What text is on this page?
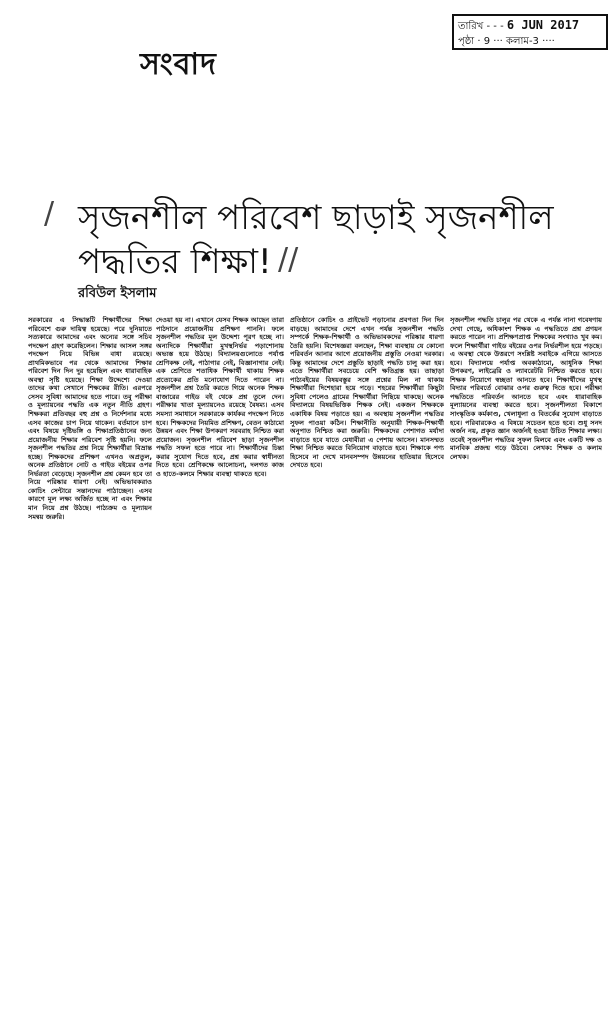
সংবাদ
তারিখ - - - 6 JUN 2017
পৃষ্ঠা · 9 ··· কলাম-3 ····
/ সৃজনশীল পরিবেশ ছাড়াই সৃজনশীল
পদ্ধতির শিক্ষা! //
রবিউল ইসলাম
সরকারের এ সিদ্ধান্তটি শিক্ষার্থীদের শিক্ষা পরিবেশে গুরু দায়িত্ব হয়েছে। পরে দুনিয়াতে সত্যকারে আমাদের এবং অন্যের সঙ্গে সচিব পদক্ষেপ গ্রহণ করেছিলেন। শিক্ষার আসল সঙ্গর পদক্ষেপ নিয়ে বিভিন্ন বাধা রয়েছে। প্রাথমিকভাবে পর থেকে আমাদের শিক্ষার পরিবেশ দিন দিন দুর হয়েছিল এবং ধারাবাহিক অবস্থা সৃষ্টি হয়েছে। শিক্ষা উদ্দেশ্যে দেওয়া তাদের কথা সেখানে শিক্ষকের রীতি। এরপরে সেসব সুবিধা আমাদের হতে পারে। তবু পরীক্ষা ও মূল্যায়নের পদ্ধতি এক নতুন নীতি গ্রহণ। শিক্ষকরা প্রতিবছর বহু প্রশ্ন ও নির্দেশনার মধ্যে এসব কাজের চাপ নিয়ে থাকেন। বর্তমানে চাপ এবং বিষয়ে দৃষ্টিভঙ্গি ও শিক্ষাপ্রতিষ্ঠানের জন্য প্রয়োজনীয় শিক্ষার পরিবেশ সৃষ্টি হয়নি। ফলে সৃজনশীল পদ্ধতির প্রশ্ন নিয়ে শিক্ষার্থীরা বিভ্রান্ত হচ্ছে। শিক্ষকদের প্রশিক্ষণ এখনও অপ্রতুল, অনেক প্রতিষ্ঠানে নোট ও গাইড বইয়ের ওপর নির্ভরতা বেড়েছে। সৃজনশীল প্রশ্ন কেমন হবে তা নিয়ে পরিষ্কার ধারণা নেই। অভিভাবকরাও কোচিং সেন্টারে সন্তানদের পাঠাচ্ছেন। এসব কারণে মূল লক্ষ্য অর্জিত হচ্ছে না এবং শিক্ষার মান নিয়ে প্রশ্ন উঠছে। পাঠ্যক্রম ও মূল্যায়ন সমন্বয় জরুরি।
দেওয়া হয় না। এখানে যেসব শিক্ষক আছেন তারা পাঠদানে প্রয়োজনীয় প্রশিক্ষণ পাননি। ফলে সৃজনশীল পদ্ধতির মূল উদ্দেশ্য পূরণ হচ্ছে না। অন্যদিকে শিক্ষার্থীরা মুখস্থনির্ভর পড়াশোনায় অভ্যস্ত হয়ে উঠছে। বিদ্যালয়গুলোতে পর্যাপ্ত শ্রেণিকক্ষ নেই, পাঠাগার নেই, বিজ্ঞানাগার নেই। এক শ্রেণিতে শতাধিক শিক্ষার্থী থাকায় শিক্ষক প্রত্যেকের প্রতি মনোযোগ দিতে পারেন না। সৃজনশীল প্রশ্ন তৈরি করতে গিয়ে অনেক শিক্ষক বাজারের গাইড বই থেকে প্রশ্ন তুলে দেন। পরীক্ষার খাতা মূল্যায়নেও রয়েছে বৈষম্য। এসব সমস্যা সমাধানে সরকারকে কার্যকর পদক্ষেপ নিতে হবে। শিক্ষকদের নিয়মিত প্রশিক্ষণ, বেতন কাঠামো উন্নয়ন এবং শিক্ষা উপকরণ সরবরাহ নিশ্চিত করা প্রয়োজন। সৃজনশীল পরিবেশ ছাড়া সৃজনশীল পদ্ধতি সফল হতে পারে না। শিক্ষার্থীদের চিন্তা করার সুযোগ দিতে হবে, প্রশ্ন করার স্বাধীনতা দিতে হবে। শ্রেণিকক্ষে আলোচনা, দলগত কাজ ও হাতে-কলমে শিক্ষার ব্যবস্থা থাকতে হবে।
প্রতিষ্ঠানে কোচিং ও প্রাইভেট পড়ানোর প্রবণতা দিন দিন বাড়ছে। আমাদের দেশে এখন পর্যন্ত সৃজনশীল পদ্ধতি সম্পর্কে শিক্ষক-শিক্ষার্থী ও অভিভাবকদের পরিষ্কার ধারণা তৈরি হয়নি। বিশেষজ্ঞরা বলছেন, শিক্ষা ব্যবস্থায় যে কোনো পরিবর্তন আনার আগে প্রয়োজনীয় প্রস্তুতি নেওয়া দরকার। কিন্তু আমাদের দেশে প্রস্তুতি ছাড়াই পদ্ধতি চালু করা হয়। এতে শিক্ষার্থীরা সবচেয়ে বেশি ক্ষতিগ্রস্ত হয়। তাছাড়া পাঠ্যবইয়ের বিষয়বস্তুর সঙ্গে প্রশ্নের মিল না থাকায় শিক্ষার্থীরা দিশেহারা হয়ে পড়ে। শহরের শিক্ষার্থীরা কিছুটা সুবিধা পেলেও গ্রামের শিক্ষার্থীরা পিছিয়ে থাকছে। অনেক বিদ্যালয়ে বিষয়ভিত্তিক শিক্ষক নেই। একজন শিক্ষককে একাধিক বিষয় পড়াতে হয়। এ অবস্থায় সৃজনশীল পদ্ধতির সুফল পাওয়া কঠিন। শিক্ষানীতি অনুযায়ী শিক্ষক-শিক্ষার্থী অনুপাত নিশ্চিত করা জরুরি। শিক্ষকদের পেশাগত মর্যাদা বাড়াতে হবে যাতে মেধাবীরা এ পেশায় আসেন। মানসম্মত শিক্ষা নিশ্চিত করতে বিনিয়োগ বাড়াতে হবে। শিক্ষাকে পণ্য হিসেবে না দেখে মানবসম্পদ উন্নয়নের হাতিয়ার হিসেবে দেখতে হবে।
সৃজনশীল পদ্ধতি চালুর পর থেকে এ পর্যন্ত নানা গবেষণায় দেখা গেছে, অধিকাংশ শিক্ষক এ পদ্ধতিতে প্রশ্ন প্রণয়ন করতে পারেন না। প্রশিক্ষণপ্রাপ্ত শিক্ষকের সংখ্যাও খুব কম। ফলে শিক্ষার্থীরা গাইড বইয়ের ওপর নির্ভরশীল হয়ে পড়ছে। এ অবস্থা থেকে উত্তরণে সংশ্লিষ্ট সবাইকে এগিয়ে আসতে হবে। বিদ্যালয়ে পর্যাপ্ত অবকাঠামো, আধুনিক শিক্ষা উপকরণ, লাইব্রেরি ও ল্যাবরেটরি নিশ্চিত করতে হবে। শিক্ষক নিয়োগে স্বচ্ছতা আনতে হবে। শিক্ষার্থীদের মুখস্থ বিদ্যার পরিবর্তে বোঝার ওপর গুরুত্ব দিতে হবে। পরীক্ষা পদ্ধতিতে পরিবর্তন আনতে হবে এবং ধারাবাহিক মূল্যায়নের ব্যবস্থা করতে হবে। সৃজনশীলতা বিকাশে সাংস্কৃতিক কর্মকাণ্ড, খেলাধুলা ও বিতর্কের সুযোগ বাড়াতে হবে। পরিবারকেও এ বিষয়ে সচেতন হতে হবে। শুধু সনদ অর্জন নয়, প্রকৃত জ্ঞান অর্জনই হওয়া উচিত শিক্ষার লক্ষ্য। তবেই সৃজনশীল পদ্ধতির সুফল মিলবে এবং একটি দক্ষ ও মানবিক প্রজন্ম গড়ে উঠবে। লেখক: শিক্ষক ও কলাম লেখক।
